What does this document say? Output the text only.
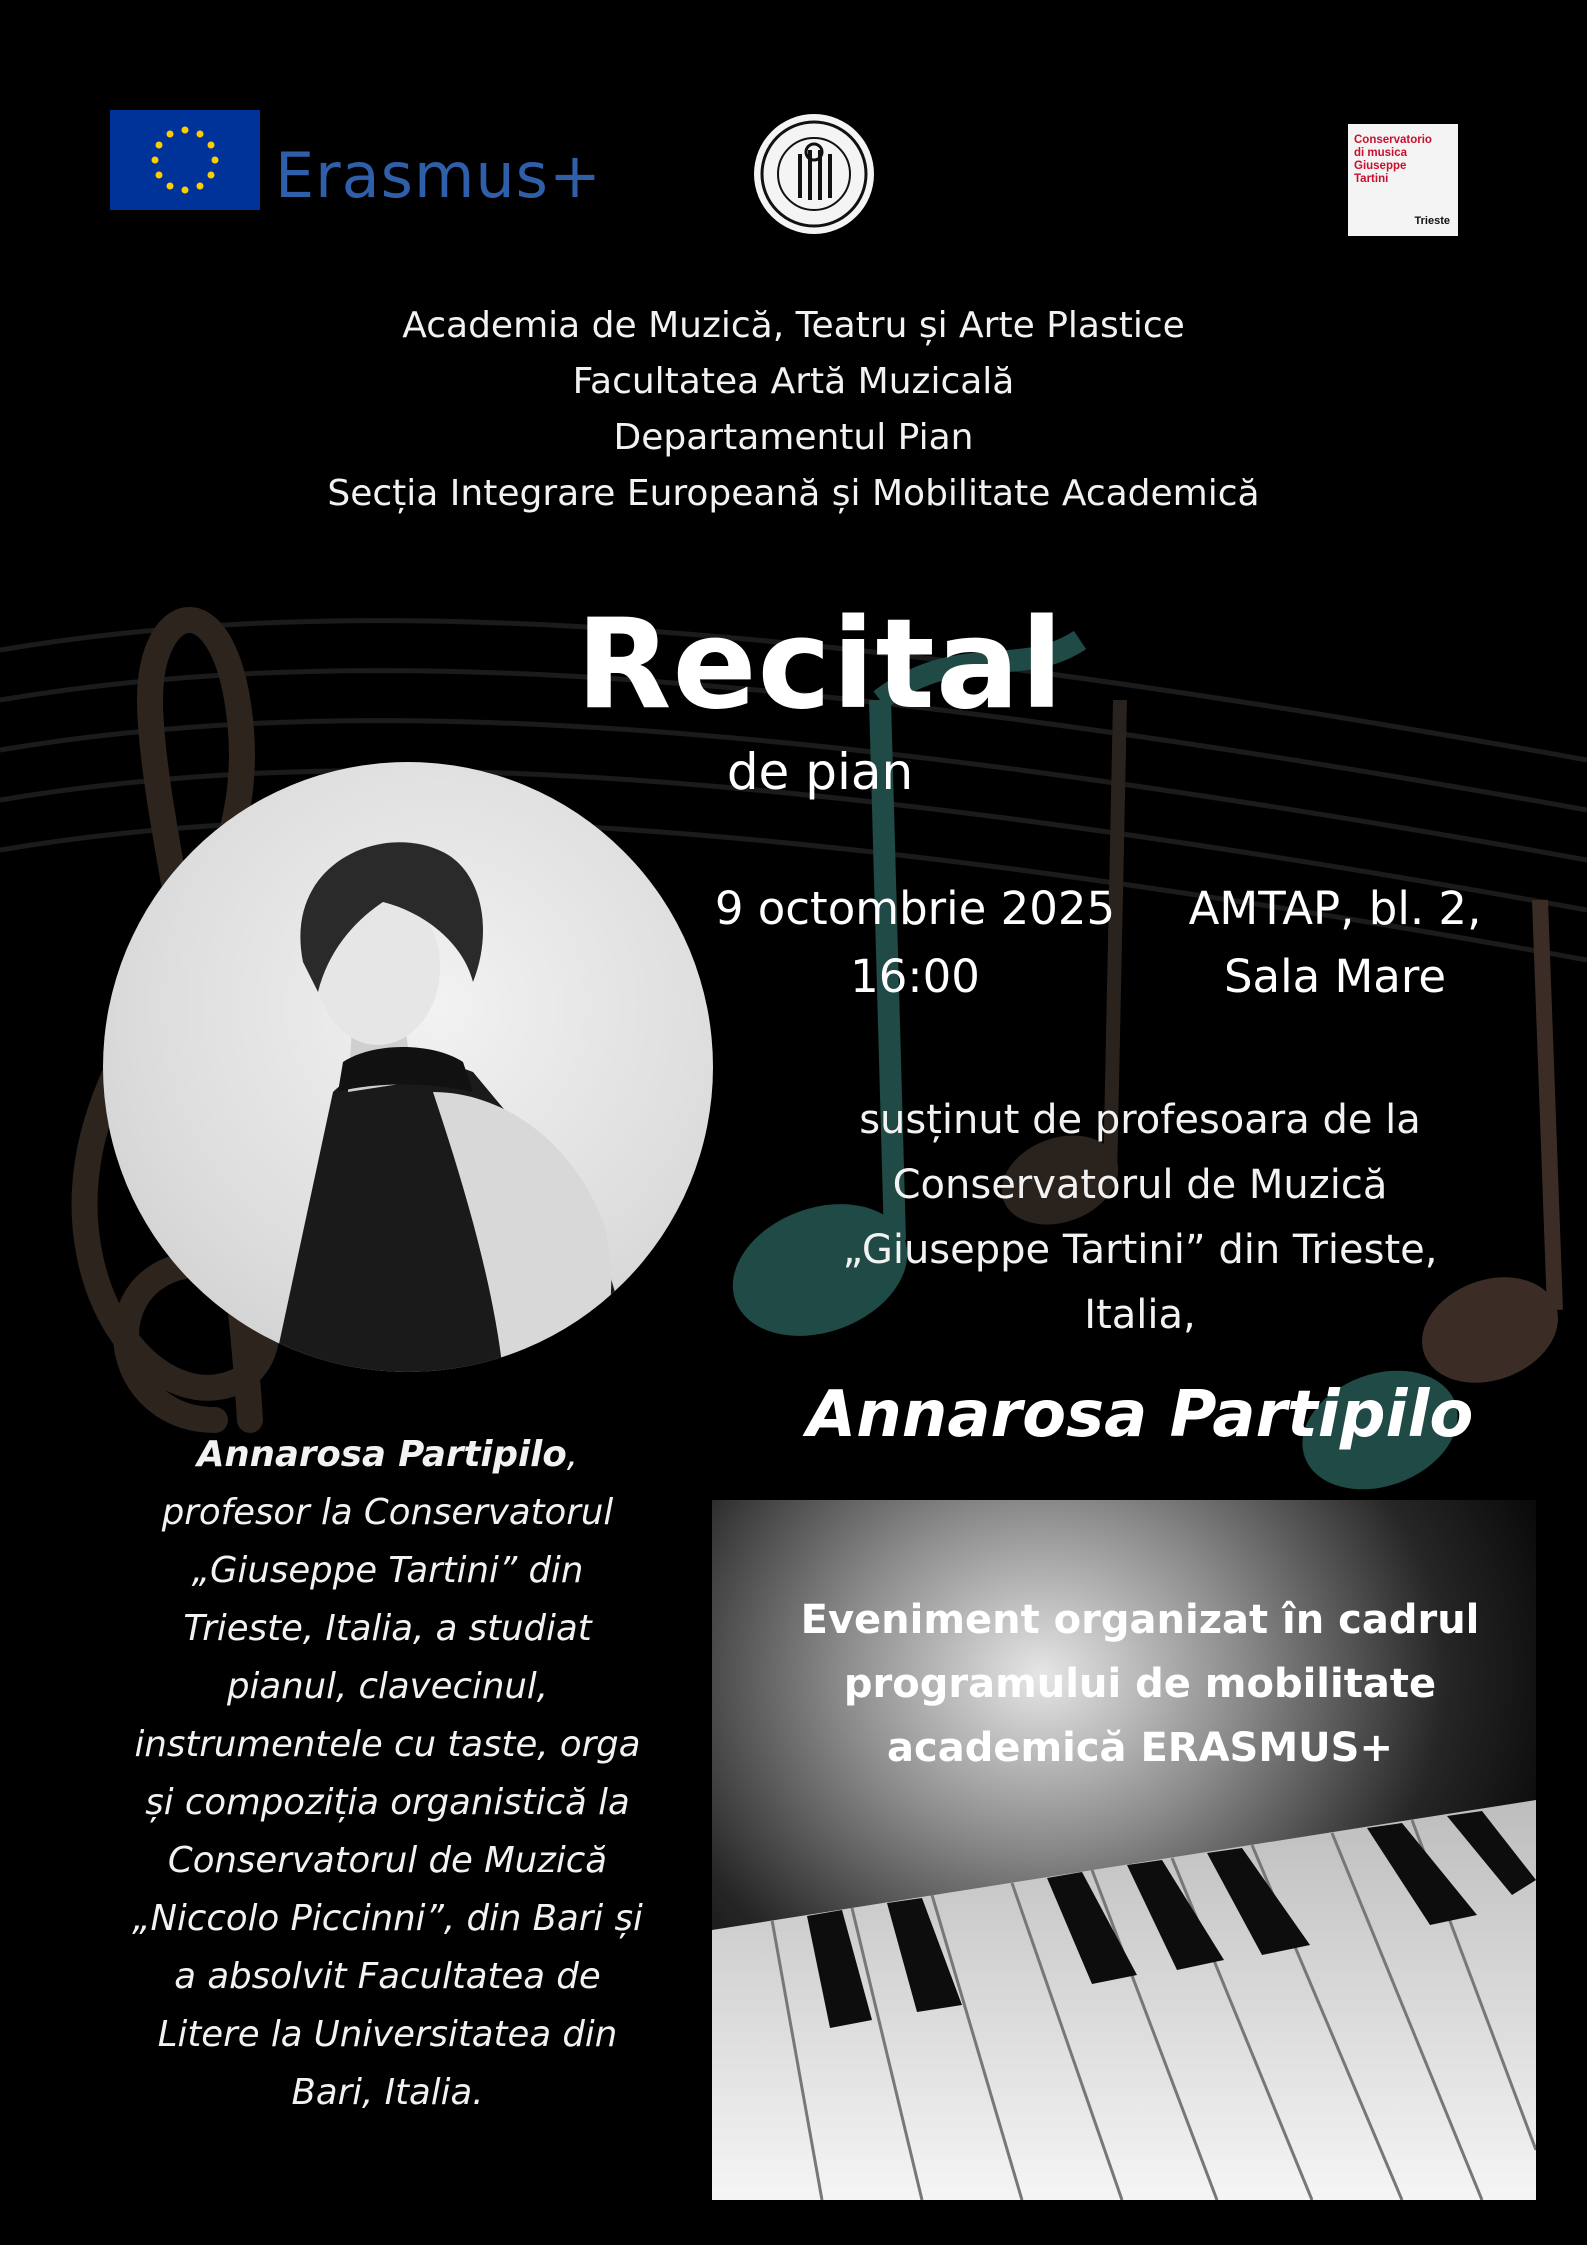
Erasmus+	Conservatorio
di musica
Giuseppe
Tartini
Trieste
Academia de Muzică, Teatru și Arte Plastice
Facultatea Artă Muzicală
Departamentul Pian
Secția Integrare Europeană și Mobilitate Academică
Recital
de pian
9 octombrie 2025
16:00
AMTAP, bl. 2,
Sala Mare
susținut de profesoara de la
Conservatorul de Muzică
„Giuseppe Tartini” din Trieste,
Italia,
Annarosa Partipilo
Eveniment organizat în cadrul
programului de mobilitate
academică ERASMUS+
Annarosa Partipilo,
profesor la Conservatorul
„Giuseppe Tartini” din
Trieste, Italia, a studiat
pianul, clavecinul,
instrumentele cu taste, orga
și compoziția organistică la
Conservatorul de Muzică
„Niccolo Piccinni”, din Bari și
a absolvit Facultatea de
Litere la Universitatea din
Bari, Italia.
